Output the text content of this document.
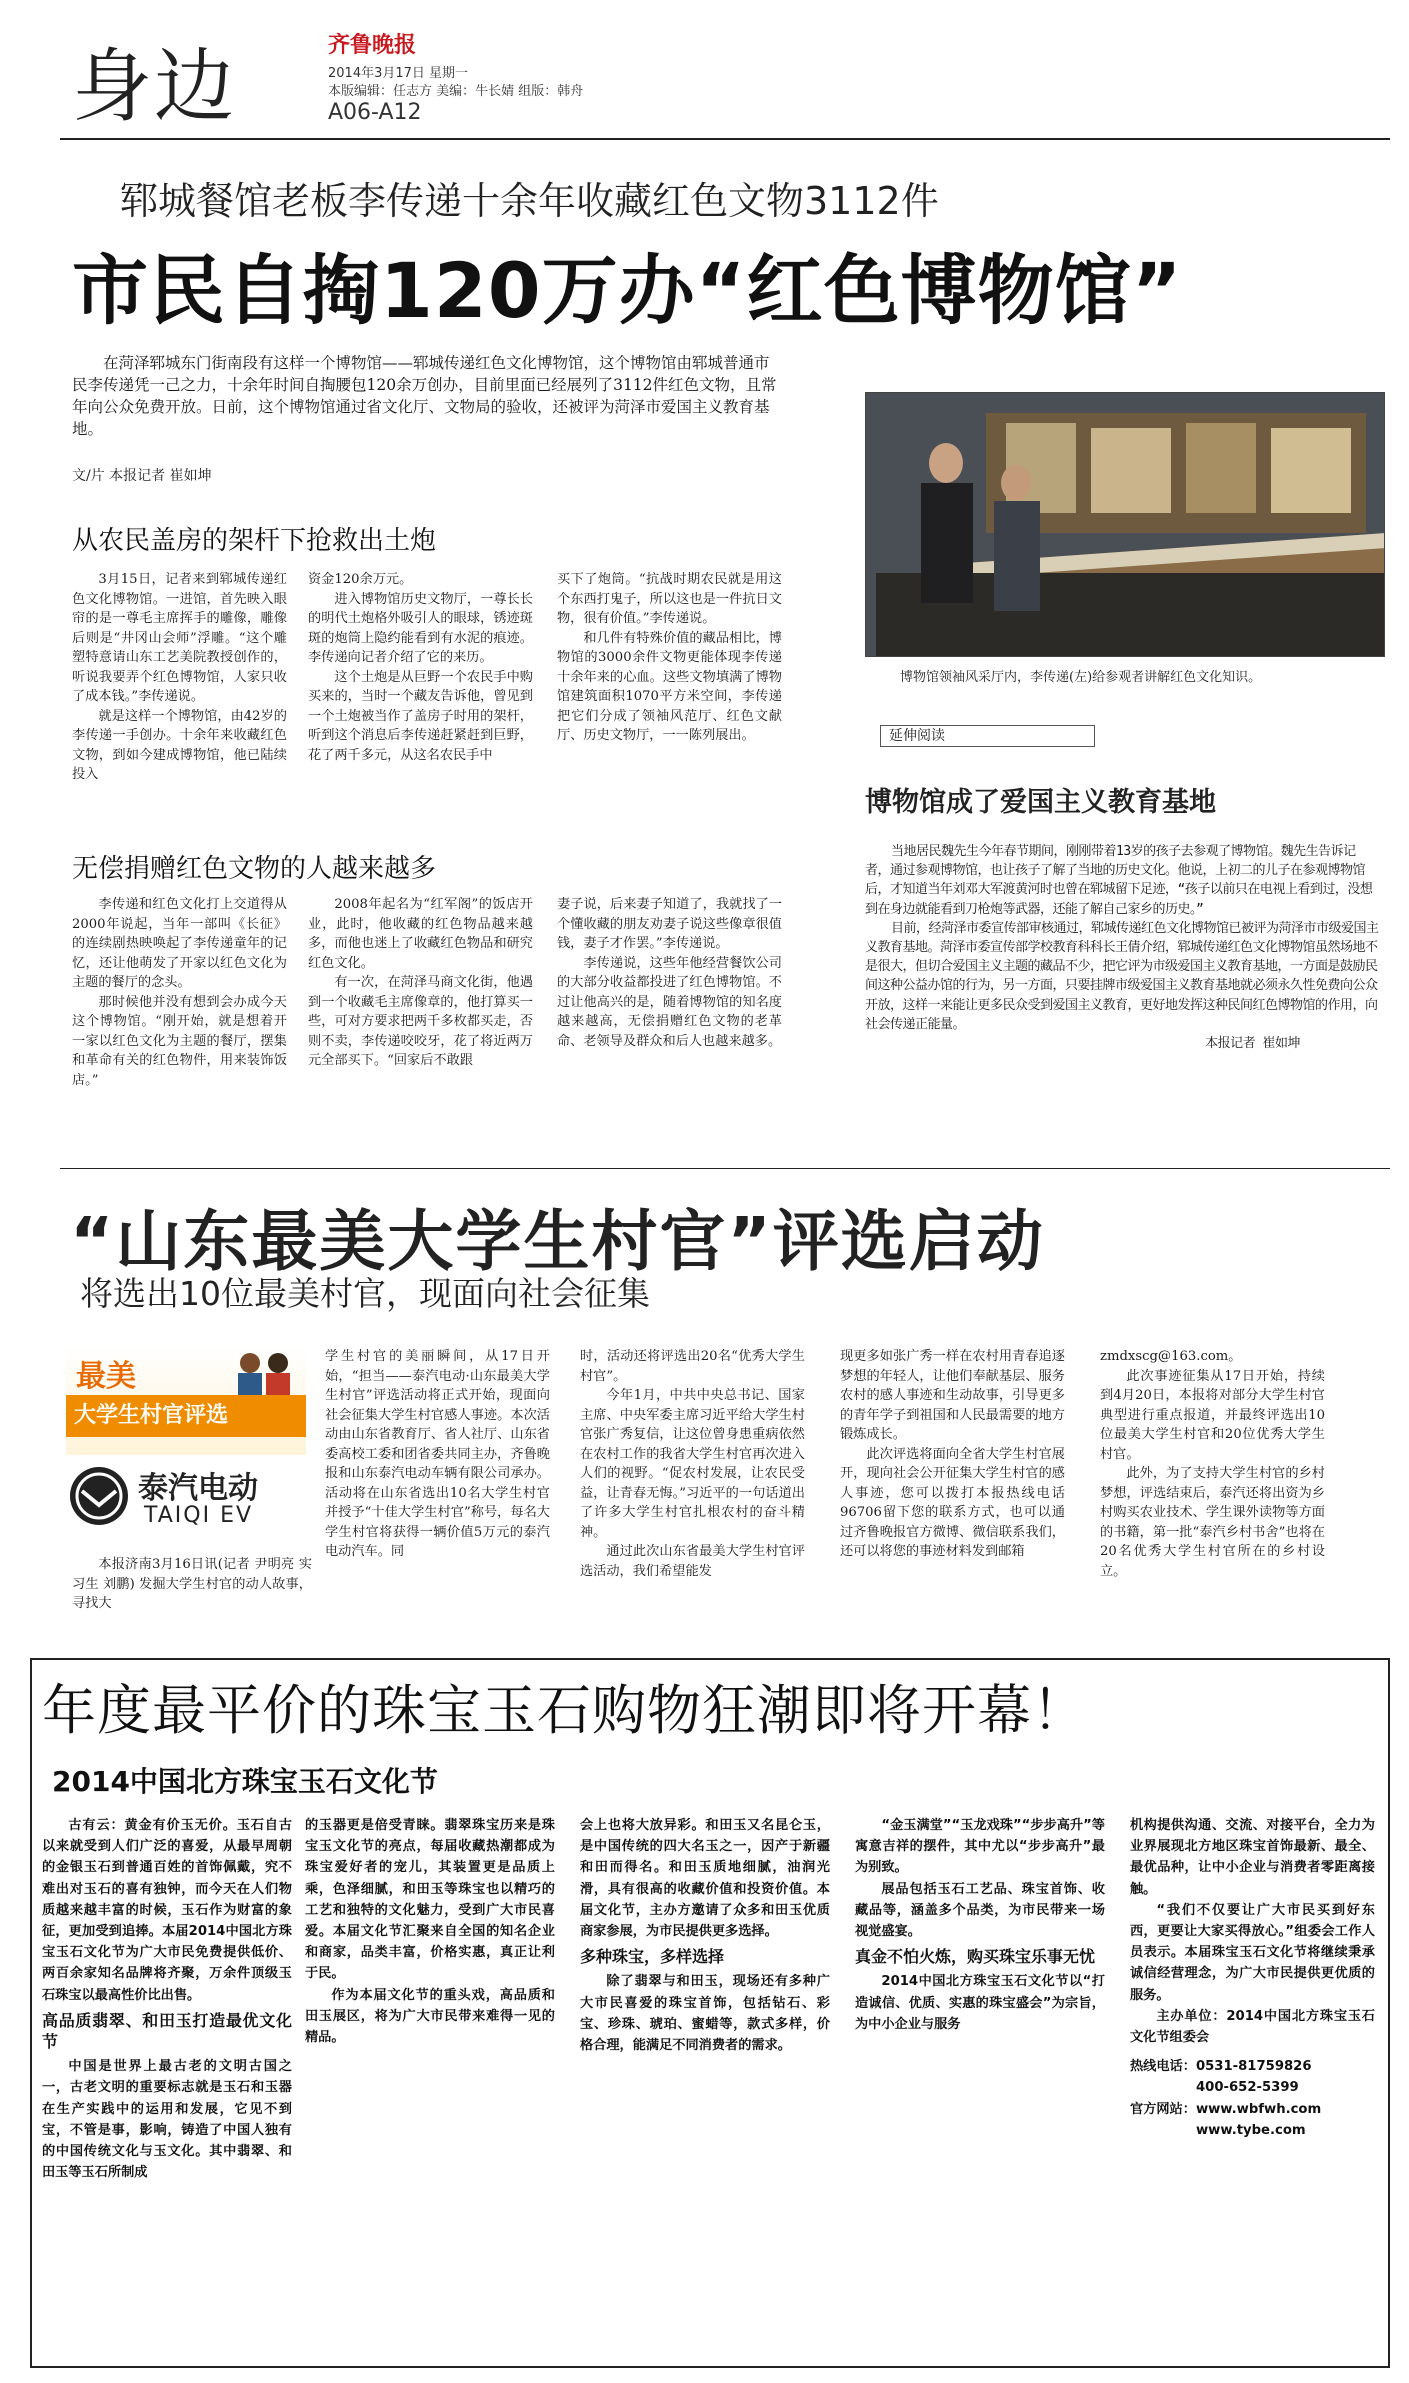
身边	齐鲁晚报
2014年3月17日 星期一
本版编辑：任志方 美编：牛长婧 组版：韩舟
A06-A12
郓城餐馆老板李传递十余年收藏红色文物3112件
市民自掏120万办“红色博物馆”
在菏泽郓城东门街南段有这样一个博物馆——郓城传递红色文化博物馆，这个博物馆由郓城普通市民李传递凭一己之力，十余年时间自掏腰包120余万创办，目前里面已经展列了3112件红色文物，且常年向公众免费开放。日前，这个博物馆通过省文化厅、文物局的验收，还被评为菏泽市爱国主义教育基地。
文/片 本报记者 崔如坤
从农民盖房的架杆下抢救出土炮

3月15日，记者来到郓城传递红色文化博物馆。一进馆，首先映入眼帘的是一尊毛主席挥手的雕像，雕像后则是“井冈山会师”浮雕。“这个雕塑特意请山东工艺美院教授创作的，听说我要弄个红色博物馆，人家只收了成本钱。”李传递说。

就是这样一个博物馆，由42岁的李传递一手创办。十余年来收藏红色文物，到如今建成博物馆，他已陆续投入

资金120余万元。

进入博物馆历史文物厅，一尊长长的明代土炮格外吸引人的眼球，锈迹斑斑的炮筒上隐约能看到有水泥的痕迹。李传递向记者介绍了它的来历。

这个土炮是从巨野一个农民手中购买来的，当时一个藏友告诉他，曾见到一个土炮被当作了盖房子时用的架杆，听到这个消息后李传递赶紧赶到巨野，花了两千多元，从这名农民手中

买下了炮筒。“抗战时期农民就是用这个东西打鬼子，所以这也是一件抗日文物，很有价值。”李传递说。

和几件有特殊价值的藏品相比，博物馆的3000余件文物更能体现李传递十余年来的心血。这些文物填满了博物馆建筑面积1070平方米空间，李传递把它们分成了领袖风范厅、红色文献厅、历史文物厅，一一陈列展出。

无偿捐赠红色文物的人越来越多

李传递和红色文化打上交道得从2000年说起，当年一部叫《长征》的连续剧热映唤起了李传递童年的记忆，还让他萌发了开家以红色文化为主题的餐厅的念头。

那时候他并没有想到会办成今天这个博物馆。“刚开始，就是想着开一家以红色文化为主题的餐厅，摆集和革命有关的红色物件，用来装饰饭店。”

2008年起名为“红军阁”的饭店开业，此时，他收藏的红色物品越来越多，而他也迷上了收藏红色物品和研究红色文化。

有一次，在菏泽马商文化街，他遇到一个收藏毛主席像章的，他打算买一些，可对方要求把两千多枚都买走，否则不卖，李传递咬咬牙，花了将近两万元全部买下。“回家后不敢跟

妻子说，后来妻子知道了，我就找了一个懂收藏的朋友劝妻子说这些像章很值钱，妻子才作罢。”李传递说。

李传递说，这些年他经营餐饮公司的大部分收益都投进了红色博物馆。不过让他高兴的是，随着博物馆的知名度越来越高，无偿捐赠红色文物的老革命、老领导及群众和后人也越来越多。

博物馆领袖风采厅内，李传递(左)给参观者讲解红色文化知识。
延伸阅读
博物馆成了爱国主义教育基地

当地居民魏先生今年春节期间，刚刚带着13岁的孩子去参观了博物馆。魏先生告诉记者，通过参观博物馆，也让孩子了解了当地的历史文化。他说，上初二的儿子在参观博物馆后，才知道当年刘邓大军渡黄河时也曾在郓城留下足迹，“孩子以前只在电视上看到过，没想到在身边就能看到刀枪炮等武器，还能了解自己家乡的历史。”

目前，经菏泽市委宣传部审核通过，郓城传递红色文化博物馆已被评为菏泽市市级爱国主义教育基地。菏泽市委宣传部学校教育科科长王倩介绍，郓城传递红色文化博物馆虽然场地不是很大，但切合爱国主义主题的藏品不少，把它评为市级爱国主义教育基地，一方面是鼓励民间这种公益办馆的行为，另一方面，只要挂牌市级爱国主义教育基地就必须永久性免费向公众开放，这样一来能让更多民众受到爱国主义教育，更好地发挥这种民间红色博物馆的作用，向社会传递正能量。

本报记者 崔如坤
“山东最美大学生村官”评选启动
将选出10位最美村官，现面向社会征集
最美
大学生村官评选
泰汽电动
TAIQI EV

本报济南3月16日讯(记者 尹明亮 实习生 刘鹏) 发掘大学生村官的动人故事，寻找大

学生村官的美丽瞬间，从17日开始，“担当——泰汽电动·山东最美大学生村官”评选活动将正式开始，现面向社会征集大学生村官感人事迹。本次活动由山东省教育厅、省人社厅、山东省委高校工委和团省委共同主办，齐鲁晚报和山东泰汽电动车辆有限公司承办。活动将在山东省选出10名大学生村官并授予“十佳大学生村官”称号，每名大学生村官将获得一辆价值5万元的泰汽电动汽车。同

时，活动还将评选出20名“优秀大学生村官”。

今年1月，中共中央总书记、国家主席、中央军委主席习近平给大学生村官张广秀复信，让这位曾身患重病依然在农村工作的我省大学生村官再次进入人们的视野。“促农村发展，让农民受益，让青春无悔。”习近平的一句话道出了许多大学生村官扎根农村的奋斗精神。

通过此次山东省最美大学生村官评选活动，我们希望能发

现更多如张广秀一样在农村用青春追逐梦想的年轻人，让他们奉献基层、服务农村的感人事迹和生动故事，引导更多的青年学子到祖国和人民最需要的地方锻炼成长。

此次评选将面向全省大学生村官展开，现向社会公开征集大学生村官的感人事迹，您可以拨打本报热线电话96706留下您的联系方式，也可以通过齐鲁晚报官方微博、微信联系我们，还可以将您的事迹材料发到邮箱

zmdxscg@163.com。

此次事迹征集从17日开始，持续到4月20日，本报将对部分大学生村官典型进行重点报道，并最终评选出10位最美大学生村官和20位优秀大学生村官。

此外，为了支持大学生村官的乡村梦想，评选结束后，泰汽还将出资为乡村购买农业技术、学生课外读物等方面的书籍，第一批“泰汽乡村书舍”也将在20名优秀大学生村官所在的乡村设立。

年度最平价的珠宝玉石购物狂潮即将开幕！
2014中国北方珠宝玉石文化节

古有云：黄金有价玉无价。玉石自古以来就受到人们广泛的喜爱，从最早周朝的金银玉石到普通百姓的首饰佩戴，究不难出对玉石的喜有独钟，而今天在人们物质越来越丰富的时候，玉石作为财富的象征，更加受到追捧。本届2014中国北方珠宝玉石文化节为广大市民免费提供低价、两百余家知名品牌将齐聚，万余件顶级玉石珠宝以最高性价比出售。

高品质翡翠、和田玉打造最优文化节

中国是世界上最古老的文明古国之一，古老文明的重要标志就是玉石和玉器在生产实践中的运用和发展，它见不到宝，不管是事，影响，铸造了中国人独有的中国传统文化与玉文化。其中翡翠、和田玉等玉石所制成

的玉器更是倍受青睐。翡翠珠宝历来是珠宝玉文化节的亮点，每届收藏热潮都成为珠宝爱好者的宠儿，其装置更是品质上乘，色泽细腻，和田玉等珠宝也以精巧的工艺和独特的文化魅力，受到广大市民喜爱。本届文化节汇聚来自全国的知名企业和商家，品类丰富，价格实惠，真正让利于民。

作为本届文化节的重头戏，高品质和田玉展区，将为广大市民带来难得一见的精品。

会上也将大放异彩。和田玉又名昆仑玉，是中国传统的四大名玉之一，因产于新疆和田而得名。和田玉质地细腻，油润光滑，具有很高的收藏价值和投资价值。本届文化节，主办方邀请了众多和田玉优质商家参展，为市民提供更多选择。

多种珠宝，多样选择

除了翡翠与和田玉，现场还有多种广大市民喜爱的珠宝首饰，包括钻石、彩宝、珍珠、琥珀、蜜蜡等，款式多样，价格合理，能满足不同消费者的需求。

“金玉满堂”“玉龙戏珠”“步步高升”等寓意吉祥的摆件，其中尤以“步步高升”最为别致。

展品包括玉石工艺品、珠宝首饰、收藏品等，涵盖多个品类，为市民带来一场视觉盛宴。

真金不怕火炼，购买珠宝乐事无忧

2014中国北方珠宝玉石文化节以“打造诚信、优质、实惠的珠宝盛会”为宗旨，为中小企业与服务

机构提供沟通、交流、对接平台，全力为业界展现北方地区珠宝首饰最新、最全、最优品种，让中小企业与消费者零距离接触。

“我们不仅要让广大市民买到好东西，更要让大家买得放心。”组委会工作人员表示。本届珠宝玉石文化节将继续秉承诚信经营理念，为广大市民提供更优质的服务。

主办单位：2014中国北方珠宝玉石文化节组委会

热线电话：0531-81759826
400-652-5399
官方网站：www.wbfwh.com
www.tybe.com
